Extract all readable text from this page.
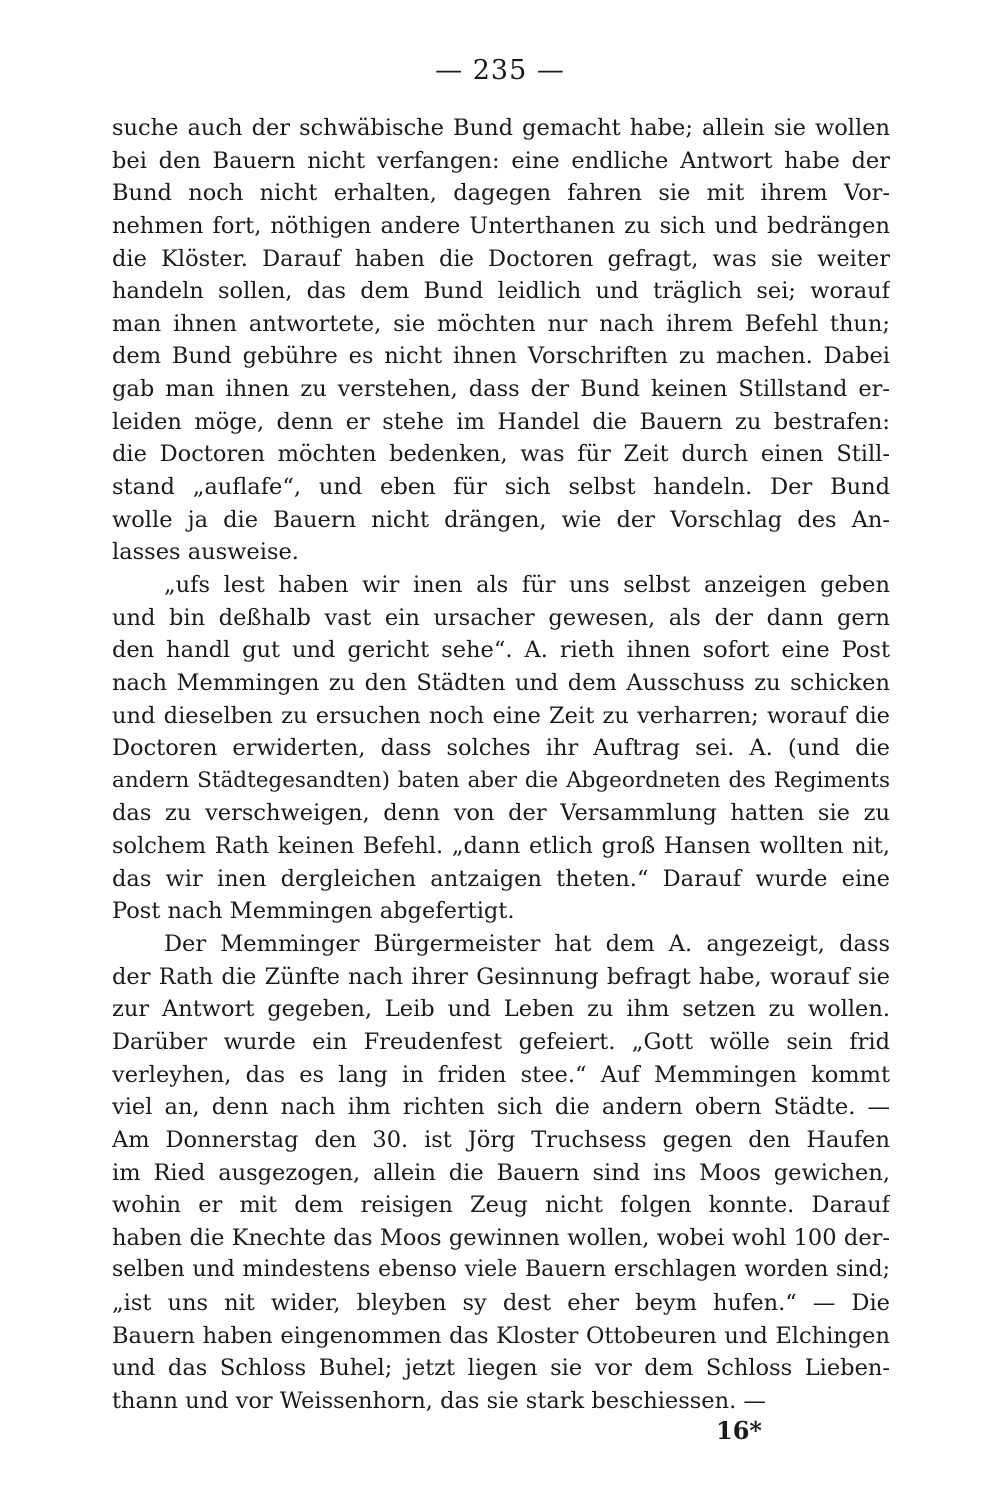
— 235 —
suche auch der schwäbische Bund gemacht habe; allein sie wollen
bei den Bauern nicht verfangen: eine endliche Antwort habe der
Bund noch nicht erhalten, dagegen fahren sie mit ihrem Vor-
nehmen fort, nöthigen andere Unterthanen zu sich und bedrängen
die Klöster. Darauf haben die Doctoren gefragt, was sie weiter
handeln sollen, das dem Bund leidlich und träglich sei; worauf
man ihnen antwortete, sie möchten nur nach ihrem Befehl thun;
dem Bund gebühre es nicht ihnen Vorschriften zu machen. Dabei
gab man ihnen zu verstehen, dass der Bund keinen Stillstand er-
leiden möge, denn er stehe im Handel die Bauern zu bestrafen:
die Doctoren möchten bedenken, was für Zeit durch einen Still-
stand „auflafe“, und eben für sich selbst handeln. Der Bund
wolle ja die Bauern nicht drängen, wie der Vorschlag des An-
lasses ausweise.
„ufs lest haben wir inen als für uns selbst anzeigen geben
und bin deßhalb vast ein ursacher gewesen, als der dann gern
den handl gut und gericht sehe“. A. rieth ihnen sofort eine Post
nach Memmingen zu den Städten und dem Ausschuss zu schicken
und dieselben zu ersuchen noch eine Zeit zu verharren; worauf die
Doctoren erwiderten, dass solches ihr Auftrag sei. A. (und die
andern Städtegesandten) baten aber die Abgeordneten des Regiments
das zu verschweigen, denn von der Versammlung hatten sie zu
solchem Rath keinen Befehl. „dann etlich groß Hansen wollten nit,
das wir inen dergleichen antzaigen theten.“ Darauf wurde eine
Post nach Memmingen abgefertigt.
Der Memminger Bürgermeister hat dem A. angezeigt, dass
der Rath die Zünfte nach ihrer Gesinnung befragt habe, worauf sie
zur Antwort gegeben, Leib und Leben zu ihm setzen zu wollen.
Darüber wurde ein Freudenfest gefeiert. „Gott wölle sein frid
verleyhen, das es lang in friden stee.“ Auf Memmingen kommt
viel an, denn nach ihm richten sich die andern obern Städte. —
Am Donnerstag den 30. ist Jörg Truchsess gegen den Haufen
im Ried ausgezogen, allein die Bauern sind ins Moos gewichen,
wohin er mit dem reisigen Zeug nicht folgen konnte. Darauf
haben die Knechte das Moos gewinnen wollen, wobei wohl 100 der-
selben und mindestens ebenso viele Bauern erschlagen worden sind;
„ist uns nit wider, bleyben sy dest eher beym hufen.“ — Die
Bauern haben eingenommen das Kloster Ottobeuren und Elchingen
und das Schloss Buhel; jetzt liegen sie vor dem Schloss Lieben-
thann und vor Weissenhorn, das sie stark beschiessen. —
16*
